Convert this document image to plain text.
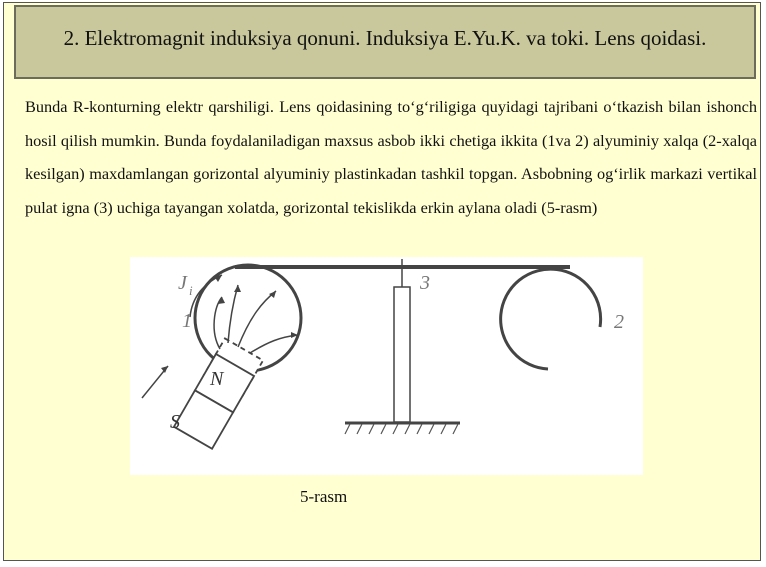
2. Elektromagnit induksiya qonuni. Induksiya E.Yu.K. va toki. Lens qoidasi.
Bunda R-konturning elektr qarshiligi. Lens qoidasining to‘g‘riligiga quyidagi tajribani o‘tkazish bilan ishonch hosil qilish mumkin. Bunda foydalaniladigan maxsus asbob ikki chetiga ikkita (1va 2) alyuminiy xalqa (2-xalqa kesilgan) maxdamlangan gorizontal alyuminiy plastinkadan tashkil topgan. Asbobning og‘irlik markazi vertikal pulat igna (3) uchiga tayangan xolatda, gorizontal tekislikda erkin aylana oladi (5-rasm)
N
S
J i
1	2
3
5-rasm
